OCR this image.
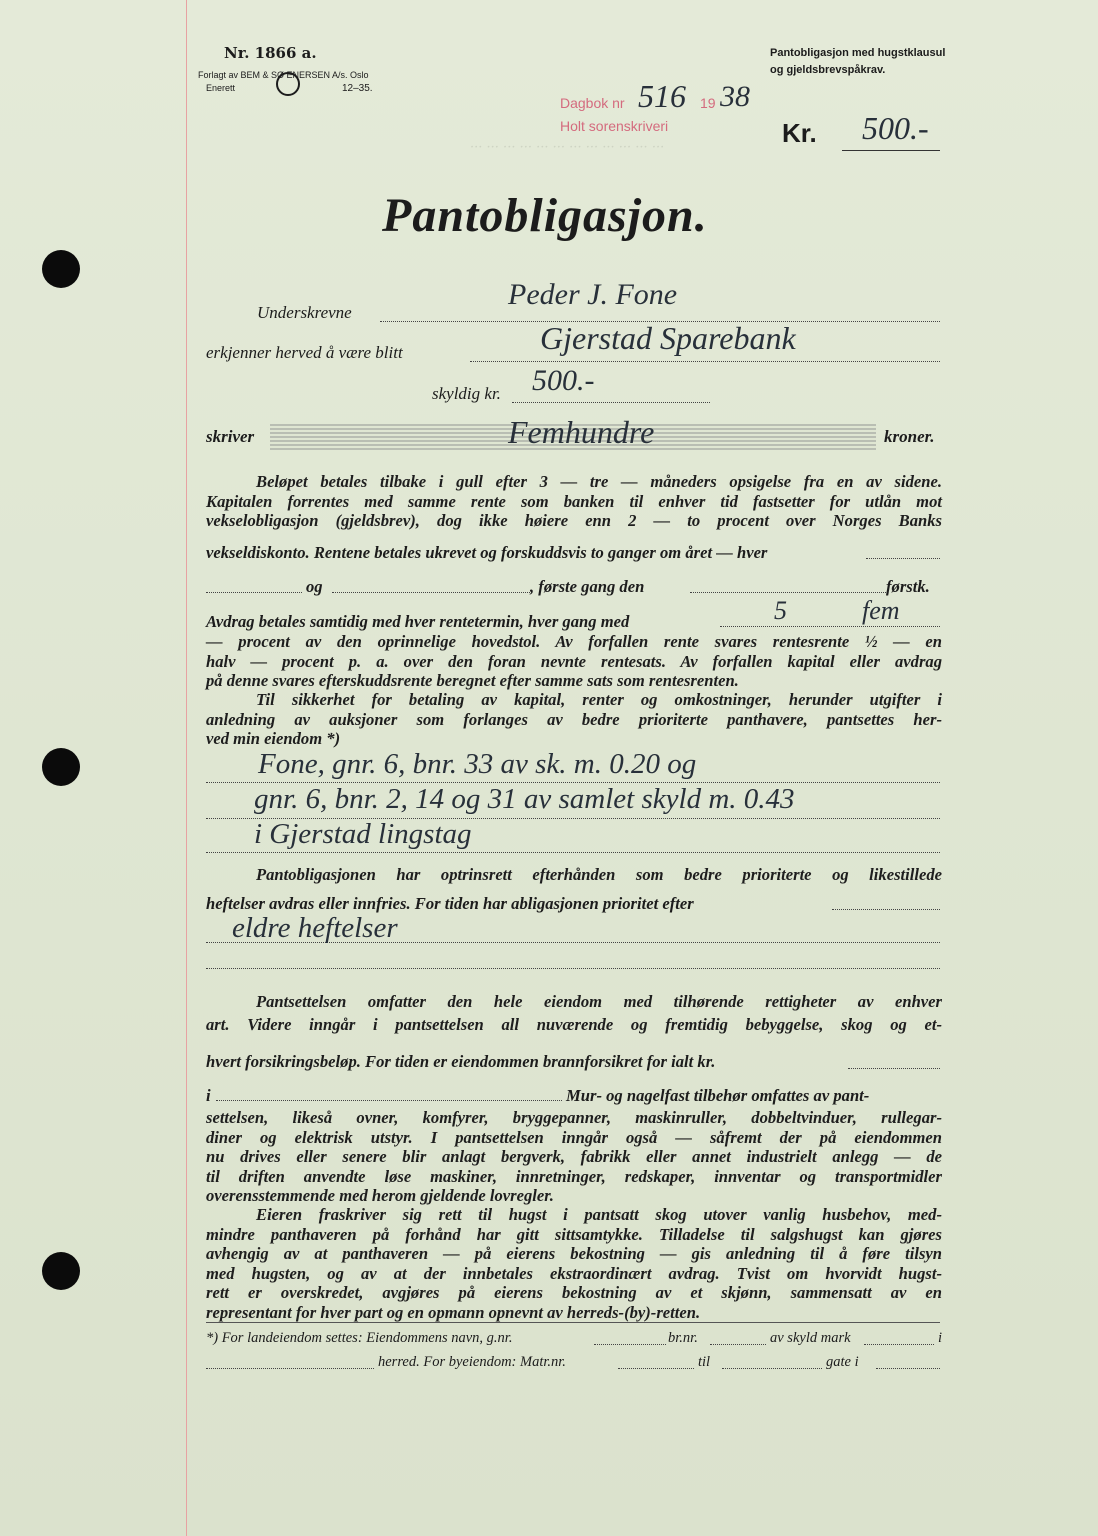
··· ··· ··· ··· ··· ··· ··· ··· ··· ··· ··· ···
Nr. 1866 a.
Forlagt av BEM & SØ ENERSEN A/s. Oslo
Enerett	12–35.
Pantobligasjon med hugstklausul
og gjeldsbrevspåkrav.
Dagbok nr 516 19 38
Holt sorenskriveri	Kr. 500.-
Pantobligasjon.
Underskrevne
Peder J. Fone
erkjenner herved å være blitt	Gjerstad Sparebank
skyldig kr. 500.-
skriver	Femhundre	kroner.
Beløpet betales tilbake i gull efter 3 — tre — måneders opsigelse fra en av sidene.
Kapitalen forrentes med samme rente som banken til enhver tid fastsetter for utlån mot
vekselobligasjon (gjeldsbrev), dog ikke høiere enn 2 — to procent over Norges Banks
vekseldiskonto. Rentene betales ukrevet og forskuddsvis to ganger om året — hver
og	, første gang den	førstk.
Avdrag betales samtidig med hver rentetermin, hver gang med	5	fem
— procent av den oprinnelige hovedstol. Av forfallen rente svares rentesrente ½ — en
halv — procent p. a. over den foran nevnte rentesats. Av forfallen kapital eller avdrag
på denne svares efterskuddsrente beregnet efter samme sats som rentesrenten.
Til sikkerhet for betaling av kapital, renter og omkostninger, herunder utgifter i
anledning av auksjoner som forlanges av bedre prioriterte panthavere, pantsettes her-
ved min eiendom *)
Fone, gnr. 6, bnr. 33 av sk. m. 0.20 og
gnr. 6, bnr. 2, 14 og 31 av samlet skyld m. 0.43
i Gjerstad lingstag
Pantobligasjonen har optrinsrett efterhånden som bedre prioriterte og likestillede
heftelser avdras eller innfries. For tiden har abligasjonen prioritet efter
eldre heftelser
Pantsettelsen omfatter den hele eiendom med tilhørende rettigheter av enhver
art. Videre inngår i pantsettelsen all nuværende og fremtidig bebyggelse, skog og et-
hvert forsikringsbeløp. For tiden er eiendommen brannforsikret for ialt kr.
i	Mur- og nagelfast tilbehør omfattes av pant-
settelsen, likeså ovner, komfyrer, bryggepanner, maskinruller, dobbeltvinduer, rullegar-
diner og elektrisk utstyr. I pantsettelsen inngår også — såfremt der på eiendommen
nu drives eller senere blir anlagt bergverk, fabrikk eller annet industrielt anlegg — de
til driften anvendte løse maskiner, innretninger, redskaper, innventar og transportmidler
overensstemmende med herom gjeldende lovregler.
Eieren fraskriver sig rett til hugst i pantsatt skog utover vanlig husbehov, med-
mindre panthaveren på forhånd har gitt sittsamtykke. Tilladelse til salgshugst kan gjøres
avhengig av at panthaveren — på eierens bekostning — gis anledning til å føre tilsyn
med hugsten, og av at der innbetales ekstraordinært avdrag. Tvist om hvorvidt hugst-
rett er overskredet, avgjøres på eierens bekostning av et skjønn, sammensatt av en
representant for hver part og en opmann opnevnt av herreds-(by)-retten.
*) For landeiendom settes: Eiendommens navn, g.nr.	br.nr.	av skyld mark	i
herred. For byeiendom: Matr.nr.	til	gate i
